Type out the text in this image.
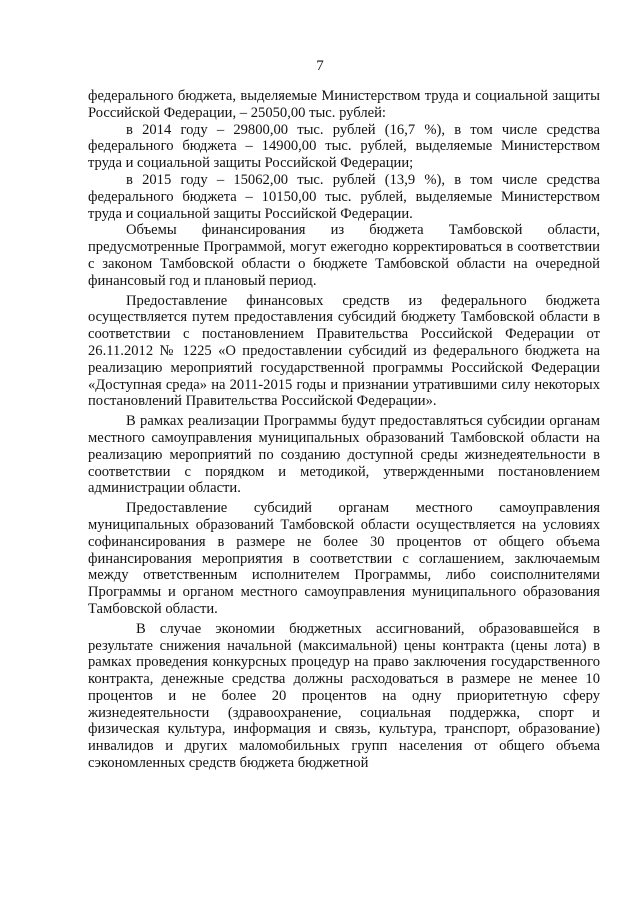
7

федерального бюджета, выделяемые Министерством труда и социальной защиты Российской Федерации, – 25050,00 тыс. рублей:

в 2014 году – 29800,00 тыс. рублей (16,7 %), в том числе средства федерального бюджета – 14900,00 тыс. рублей, выделяемые Министерством труда и социальной защиты Российской Федерации;

в 2015 году – 15062,00 тыс. рублей (13,9 %), в том числе средства федерального бюджета – 10150,00 тыс. рублей, выделяемые Министерством труда и социальной защиты Российской Федерации.

Объемы финансирования из бюджета Тамбовской области, предусмотренные Программой, могут ежегодно корректироваться в соответствии с законом Тамбовской области о бюджете Тамбовской области на очередной финансовый год и плановый период.

Предоставление финансовых средств из федерального бюджета осуществляется путем предоставления субсидий бюджету Тамбовской области в соответствии с постановлением Правительства Российской Федерации от 26.11.2012 № 1225 «О предоставлении субсидий из федерального бюджета на реализацию мероприятий государственной программы Российской Федерации «Доступная среда» на 2011-2015 годы и признании утратившими силу некоторых постановлений Правительства Российской Федерации».

В рамках реализации Программы будут предоставляться субсидии органам местного самоуправления муниципальных образований Тамбовской области на реализацию мероприятий по созданию доступной среды жизнедеятельности в соответствии с порядком и методикой, утвержденными постановлением администрации области.

Предоставление субсидий органам местного самоуправления муниципальных образований Тамбовской области осуществляется на условиях софинансирования в размере не более 30 процентов от общего объема финансирования мероприятия в соответствии с соглашением, заключаемым между ответственным исполнителем Программы, либо соисполнителями Программы и органом местного самоуправления муниципального образования Тамбовской области.

В случае экономии бюджетных ассигнований, образовавшейся в результате снижения начальной (максимальной) цены контракта (цены лота) в рамках проведения конкурсных процедур на право заключения государственного контракта, денежные средства должны расходоваться в размере не менее 10 процентов и не более 20 процентов на одну приоритетную сферу жизнедеятельности (здравоохранение, социальная поддержка, спорт и физическая культура, информация и связь, культура, транспорт, образование) инвалидов и других маломобильных групп населения от общего объема сэкономленных средств бюджета бюджетной
